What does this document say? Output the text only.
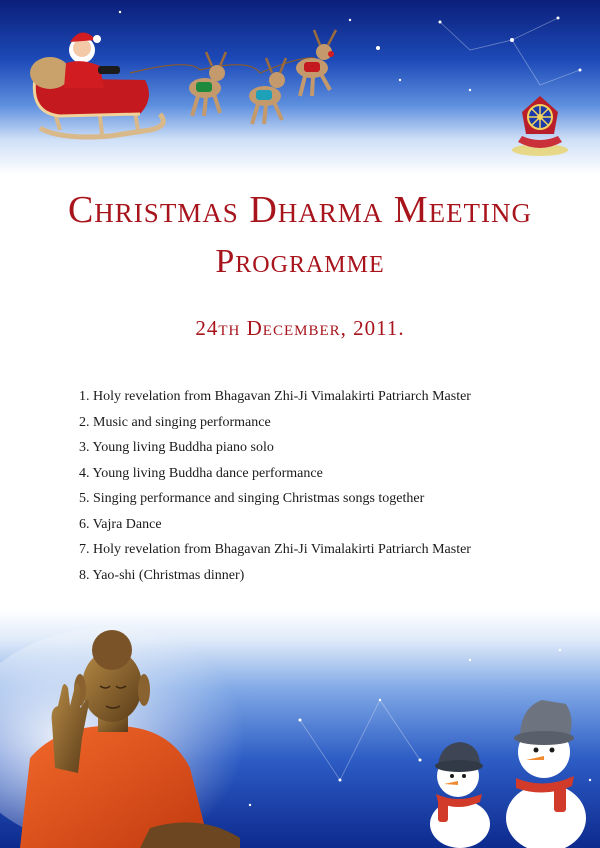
Christmas Dharma Meeting
Programme
24th December, 2011.
1. Holy revelation from Bhagavan Zhi-Ji Vimalakirti Patriarch Master
2. Music and singing performance
3. Young living Buddha piano solo
4. Young living Buddha dance performance
5. Singing performance and singing Christmas songs together
6. Vajra Dance
7. Holy revelation from Bhagavan Zhi-Ji Vimalakirti Patriarch Master
8. Yao-shi (Christmas dinner)
